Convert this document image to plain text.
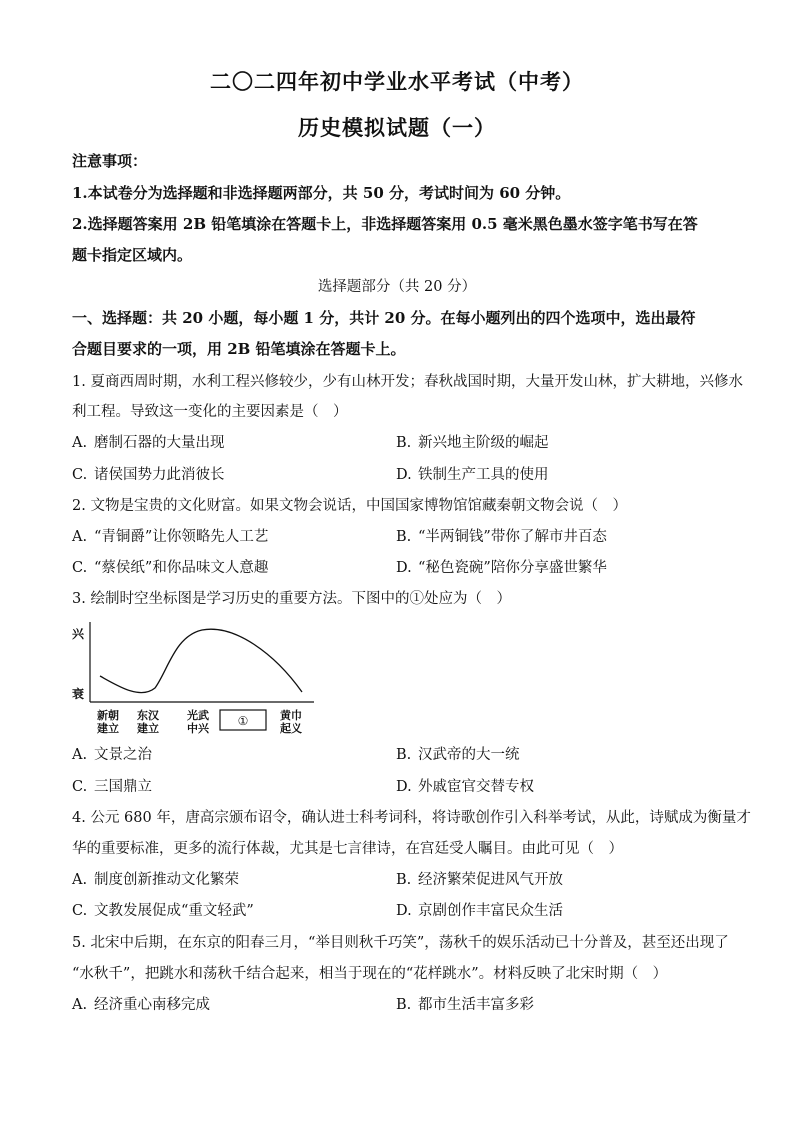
二〇二四年初中学业水平考试（中考）
历史模拟试题（一）
注意事项：
1.本试卷分为选择题和非选择题两部分，共 50 分，考试时间为 60 分钟。
2.选择题答案用 2B 铅笔填涂在答题卡上，非选择题答案用 0.5 毫米黑色墨水签字笔书写在答
题卡指定区域内。
选择题部分（共 20 分）
一、选择题：共 20 小题，每小题 1 分，共计 20 分。在每小题列出的四个选项中，选出最符
合题目要求的一项，用 2B 铅笔填涂在答题卡上。
1. 夏商西周时期，水利工程兴修较少，少有山林开发；春秋战国时期，大量开发山林，扩大耕地，兴修水
利工程。导致这一变化的主要因素是（　）
A. 磨制石器的大量出现	B. 新兴地主阶级的崛起
C. 诸侯国势力此消彼长	D. 铁制生产工具的使用
2. 文物是宝贵的文化财富。如果文物会说话，中国国家博物馆馆藏秦朝文物会说（　）
A. “青铜爵”让你领略先人工艺	B. “半两铜钱”带你了解市井百态
C. “蔡侯纸”和你品味文人意趣	D. “秘色瓷碗”陪你分享盛世繁华
3. 绘制时空坐标图是学习历史的重要方法。下图中的①处应为（　）
兴
衰
新朝
建立
东汉
建立
光武
中兴
①	黄巾
起义
A. 文景之治	B. 汉武帝的大一统
C. 三国鼎立	D. 外戚宦官交替专权
4. 公元 680 年，唐高宗颁布诏令，确认进士科考词科，将诗歌创作引入科举考试，从此，诗赋成为衡量才
华的重要标准，更多的流行体裁，尤其是七言律诗，在宫廷受人瞩目。由此可见（　）
A. 制度创新推动文化繁荣	B. 经济繁荣促进风气开放
C. 文教发展促成“重文轻武”	D. 京剧创作丰富民众生活
5. 北宋中后期，在东京的阳春三月，“举目则秋千巧笑”，荡秋千的娱乐活动已十分普及，甚至还出现了
“水秋千”，把跳水和荡秋千结合起来，相当于现在的“花样跳水”。材料反映了北宋时期（　）
A. 经济重心南移完成	B. 都市生活丰富多彩
